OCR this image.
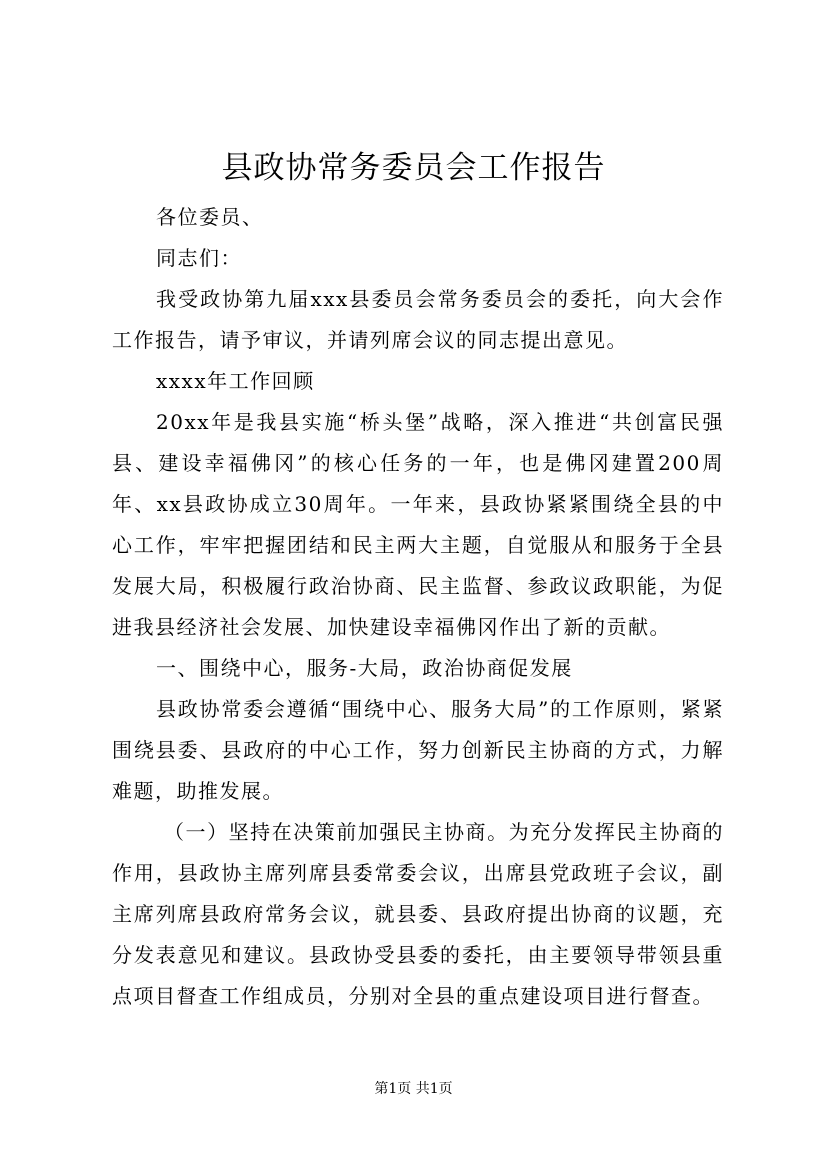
县政协常务委员会工作报告

各位委员、

同志们：

我受政协第九届xxx县委员会常务委员会的委托，向大会作工作报告，请予审议，并请列席会议的同志提出意见。

xxxx年工作回顾

20xx年是我县实施“桥头堡”战略，深入推进“共创富民强县、建设幸福佛冈”的核心任务的一年，也是佛冈建置200周年、xx县政协成立30周年。一年来，县政协紧紧围绕全县的中心工作，牢牢把握团结和民主两大主题，自觉服从和服务于全县发展大局，积极履行政治协商、民主监督、参政议政职能，为促进我县经济社会发展、加快建设幸福佛冈作出了新的贡献。

一、围绕中心，服务-大局，政治协商促发展

县政协常委会遵循“围绕中心、服务大局”的工作原则，紧紧围绕县委、县政府的中心工作，努力创新民主协商的方式，力解难题，助推发展。

（一）坚持在决策前加强民主协商。为充分发挥民主协商的作用，县政协主席列席县委常委会议，出席县党政班子会议，副主席列席县政府常务会议，就县委、县政府提出协商的议题，充分发表意见和建议。县政协受县委的委托，由主要领导带领县重点项目督查工作组成员，分别对全县的重点建设项目进行督查。

第1页 共1页
